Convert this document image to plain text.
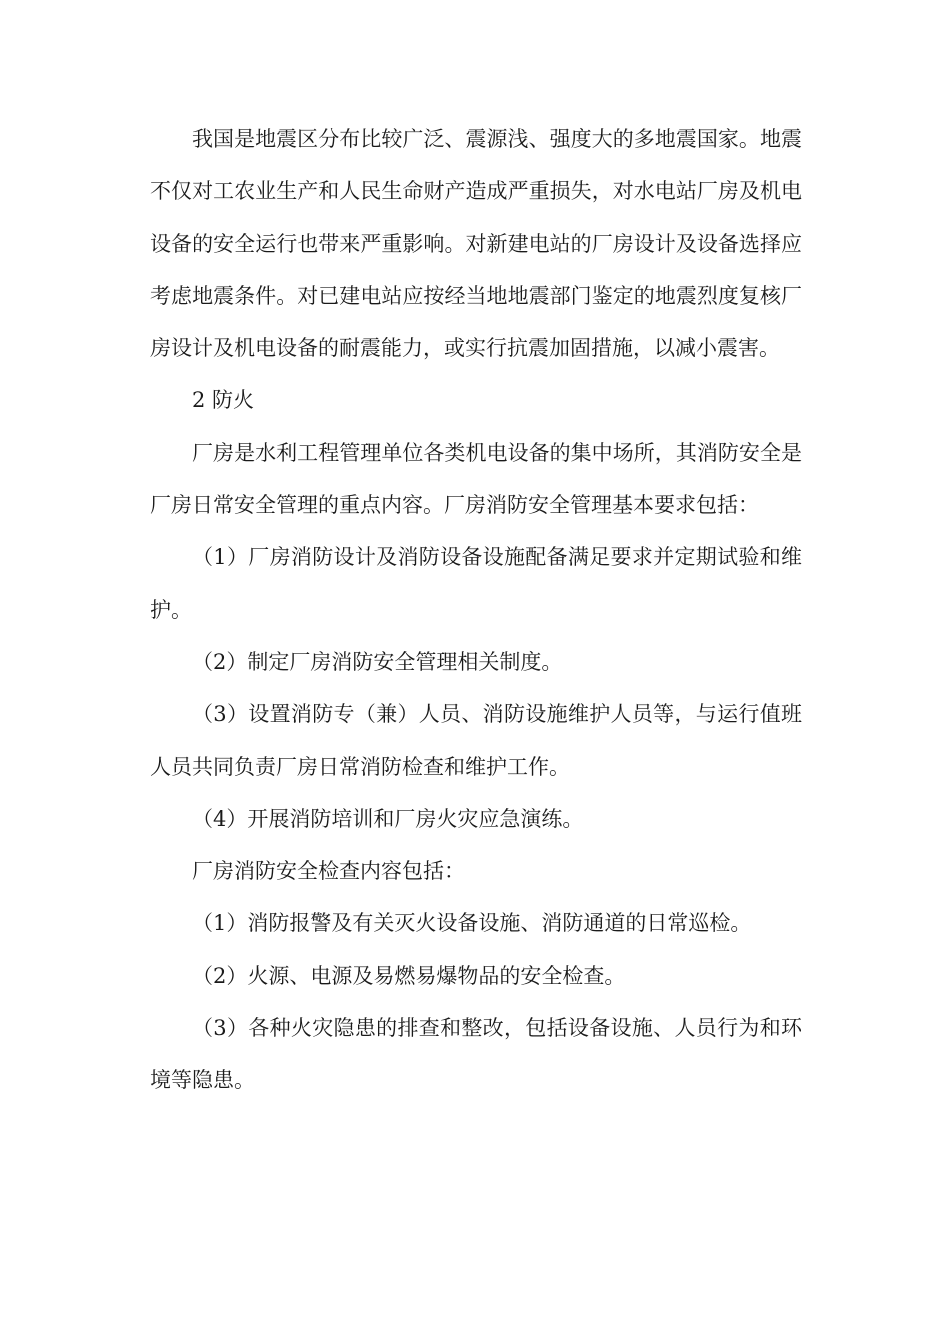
我国是地震区分布比较广泛、震源浅、强度大的多地震国家。地震不仅对工农业生产和人民生命财产造成严重损失，对水电站厂房及机电设备的安全运行也带来严重影响。对新建电站的厂房设计及设备选择应考虑地震条件。对已建电站应按经当地地震部门鉴定的地震烈度复核厂房设计及机电设备的耐震能力，或实行抗震加固措施，以减小震害。

2 防火

厂房是水利工程管理单位各类机电设备的集中场所，其消防安全是厂房日常安全管理的重点内容。厂房消防安全管理基本要求包括：

（1）厂房消防设计及消防设备设施配备满足要求并定期试验和维护。

（2）制定厂房消防安全管理相关制度。

（3）设置消防专（兼）人员、消防设施维护人员等，与运行值班人员共同负责厂房日常消防检查和维护工作。

（4）开展消防培训和厂房火灾应急演练。

厂房消防安全检查内容包括：

（1）消防报警及有关灭火设备设施、消防通道的日常巡检。

（2）火源、电源及易燃易爆物品的安全检查。

（3）各种火灾隐患的排查和整改，包括设备设施、人员行为和环境等隐患。
